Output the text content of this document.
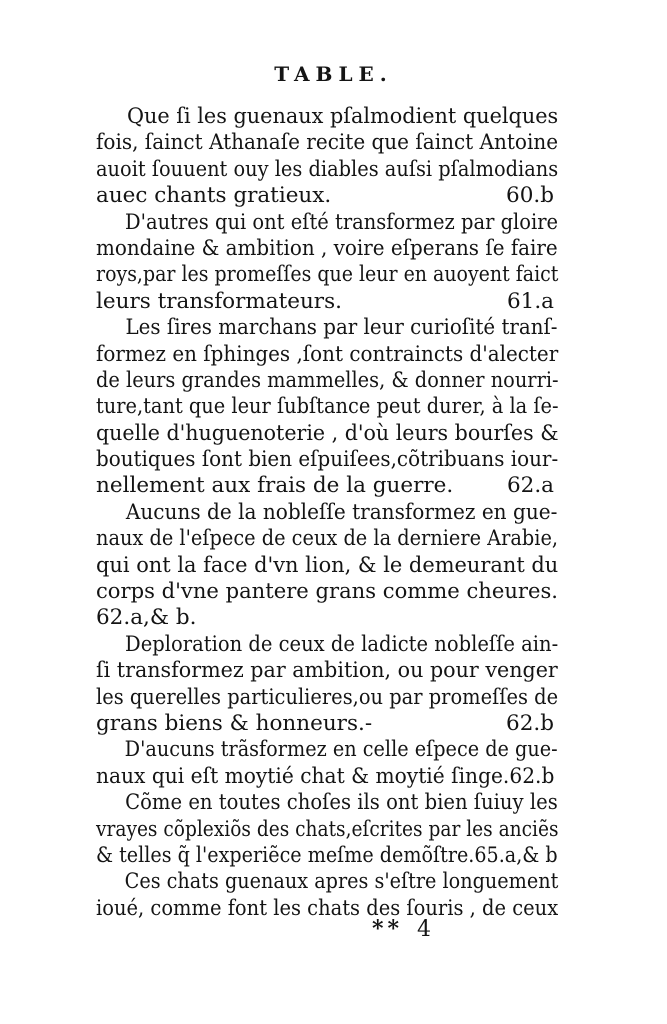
TABLE.
Que ſi les guenaux pſalmodient quelques
fois, ſainct Athanaſe recite que ſainct Antoine
auoit ſouuent ouy les diables auſsi pſalmodians
auec chants gratieux.	60.b
D'autres qui ont eſté transformez par gloire
mondaine & ambition , voire eſperans ſe faire
roys,par les promeſſes que leur en auoyent faict
leurs transformateurs.	61.a
Les ſires marchans par leur curioſité tranſ-
formez en ſphinges ,ſont contraincts d'alecter
de leurs grandes mammelles, & donner nourri-
ture,tant que leur ſubſtance peut durer, à la ſe-
quelle d'huguenoterie , d'où leurs bourſes &
boutiques ſont bien eſpuiſees,cõtribuans iour-
nellement aux frais de la guerre.	62.a
Aucuns de la nobleſſe transformez en gue-
naux de l'eſpece de ceux de la derniere Arabie,
qui ont la face d'vn lion, & le demeurant du
corps d'vne pantere grans comme cheures.
62.a,& b.
Deploration de ceux de ladicte nobleſſe ain-
ſi transformez par ambition, ou pour venger
les querelles particulieres,ou par promeſſes de
grans biens & honneurs.-	62.b
D'aucuns trãsformez en celle eſpece de gue-
naux qui eſt moytié chat & moytié ſinge. 62.b
Cõme en toutes choſes ils ont bien ſuiuy les
vrayes cõplexiõs des chats,eſcrites par les anciẽs
& telles q̃ l'experiẽce meſme demõſtre.65.a,& b
Ces chats guenaux apres s'eſtre longuement
ioué, comme font les chats des ſouris , de ceux
** 4
